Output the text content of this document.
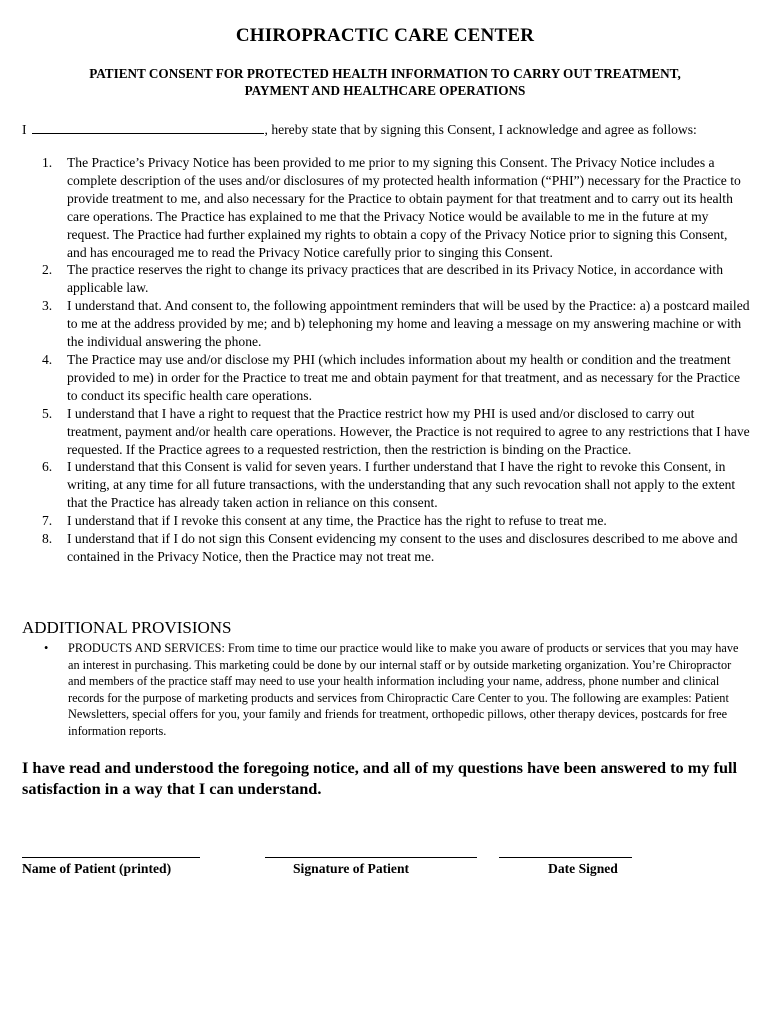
CHIROPRACTIC CARE CENTER
PATIENT CONSENT FOR PROTECTED HEALTH INFORMATION TO CARRY OUT TREATMENT,
PAYMENT AND HEALTHCARE OPERATIONS
I	, hereby state that by signing this Consent, I acknowledge and agree as follows:
1. The Practice’s Privacy Notice has been provided to me prior to my signing this Consent. The Privacy Notice includes a complete description of the uses and/or disclosures of my protected health information (“PHI”) necessary for the Practice to provide treatment to me, and also necessary for the Practice to obtain payment for that treatment and to carry out its health care operations. The Practice has explained to me that the Privacy Notice would be available to me in the future at my request. The Practice had further explained my rights to obtain a copy of the Privacy Notice prior to signing this Consent, and has encouraged me to read the Privacy Notice carefully prior to singing this Consent.
2. The practice reserves the right to change its privacy practices that are described in its Privacy Notice, in accordance with applicable law.
3. I understand that. And consent to, the following appointment reminders that will be used by the Practice: a) a postcard mailed to me at the address provided by me; and b) telephoning my home and leaving a message on my answering machine or with the individual answering the phone.
4. The Practice may use and/or disclose my PHI (which includes information about my health or condition and the treatment provided to me) in order for the Practice to treat me and obtain payment for that treatment, and as necessary for the Practice to conduct its specific health care operations.
5. I understand that I have a right to request that the Practice restrict how my PHI is used and/or disclosed to carry out treatment, payment and/or health care operations. However, the Practice is not required to agree to any restrictions that I have requested. If the Practice agrees to a requested restriction, then the restriction is binding on the Practice.
6. I understand that this Consent is valid for seven years. I further understand that I have the right to revoke this Consent, in writing, at any time for all future transactions, with the understanding that any such revocation shall not apply to the extent that the Practice has already taken action in reliance on this consent.
7. I understand that if I revoke this consent at any time, the Practice has the right to refuse to treat me.
8. I understand that if I do not sign this Consent evidencing my consent to the uses and disclosures described to me above and contained in the Privacy Notice, then the Practice may not treat me.
ADDITIONAL PROVISIONS
• PRODUCTS AND SERVICES: From time to time our practice would like to make you aware of products or services that you may have an interest in purchasing. This marketing could be done by our internal staff or by outside marketing organization. You’re Chiropractor and members of the practice staff may need to use your health information including your name, address, phone number and clinical records for the purpose of marketing products and services from Chiropractic Care Center to you. The following are examples: Patient Newsletters, special offers for you, your family and friends for treatment, orthopedic pillows, other therapy devices, postcards for free information reports.
I have read and understood the foregoing notice, and all of my questions have been answered to my full satisfaction in a way that I can understand.
Name of Patient (printed)	Signature of Patient	Date Signed
